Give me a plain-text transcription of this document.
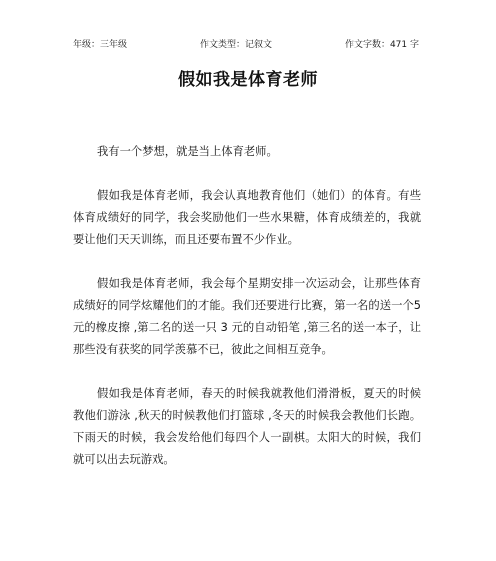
年级：三年级	作文类型：记叙文	作文字数：471 字
假如我是体育老师

我有一个梦想，就是当上体育老师。

假如我是体育老师，我会认真地教育他们（她们）的体育。有些体育成绩好的同学，我会奖励他们一些水果糖，体育成绩差的，我就要让他们天天训练，而且还要布置不少作业。

假如我是体育老师，我会每个星期安排一次运动会，让那些体育成绩好的同学炫耀他们的才能。我们还要进行比赛，第一名的送一个5 元的橡皮擦 ,第二名的送一只 3 元的自动铅笔 ,第三名的送一本子，让那些没有获奖的同学羡慕不已，彼此之间相互竞争。

假如我是体育老师，春天的时候我就教他们滑滑板，夏天的时候教他们游泳 ,秋天的时候教他们打篮球 ,冬天的时候我会教他们长跑。下雨天的时候，我会发给他们每四个人一副棋。太阳大的时候，我们就可以出去玩游戏。
